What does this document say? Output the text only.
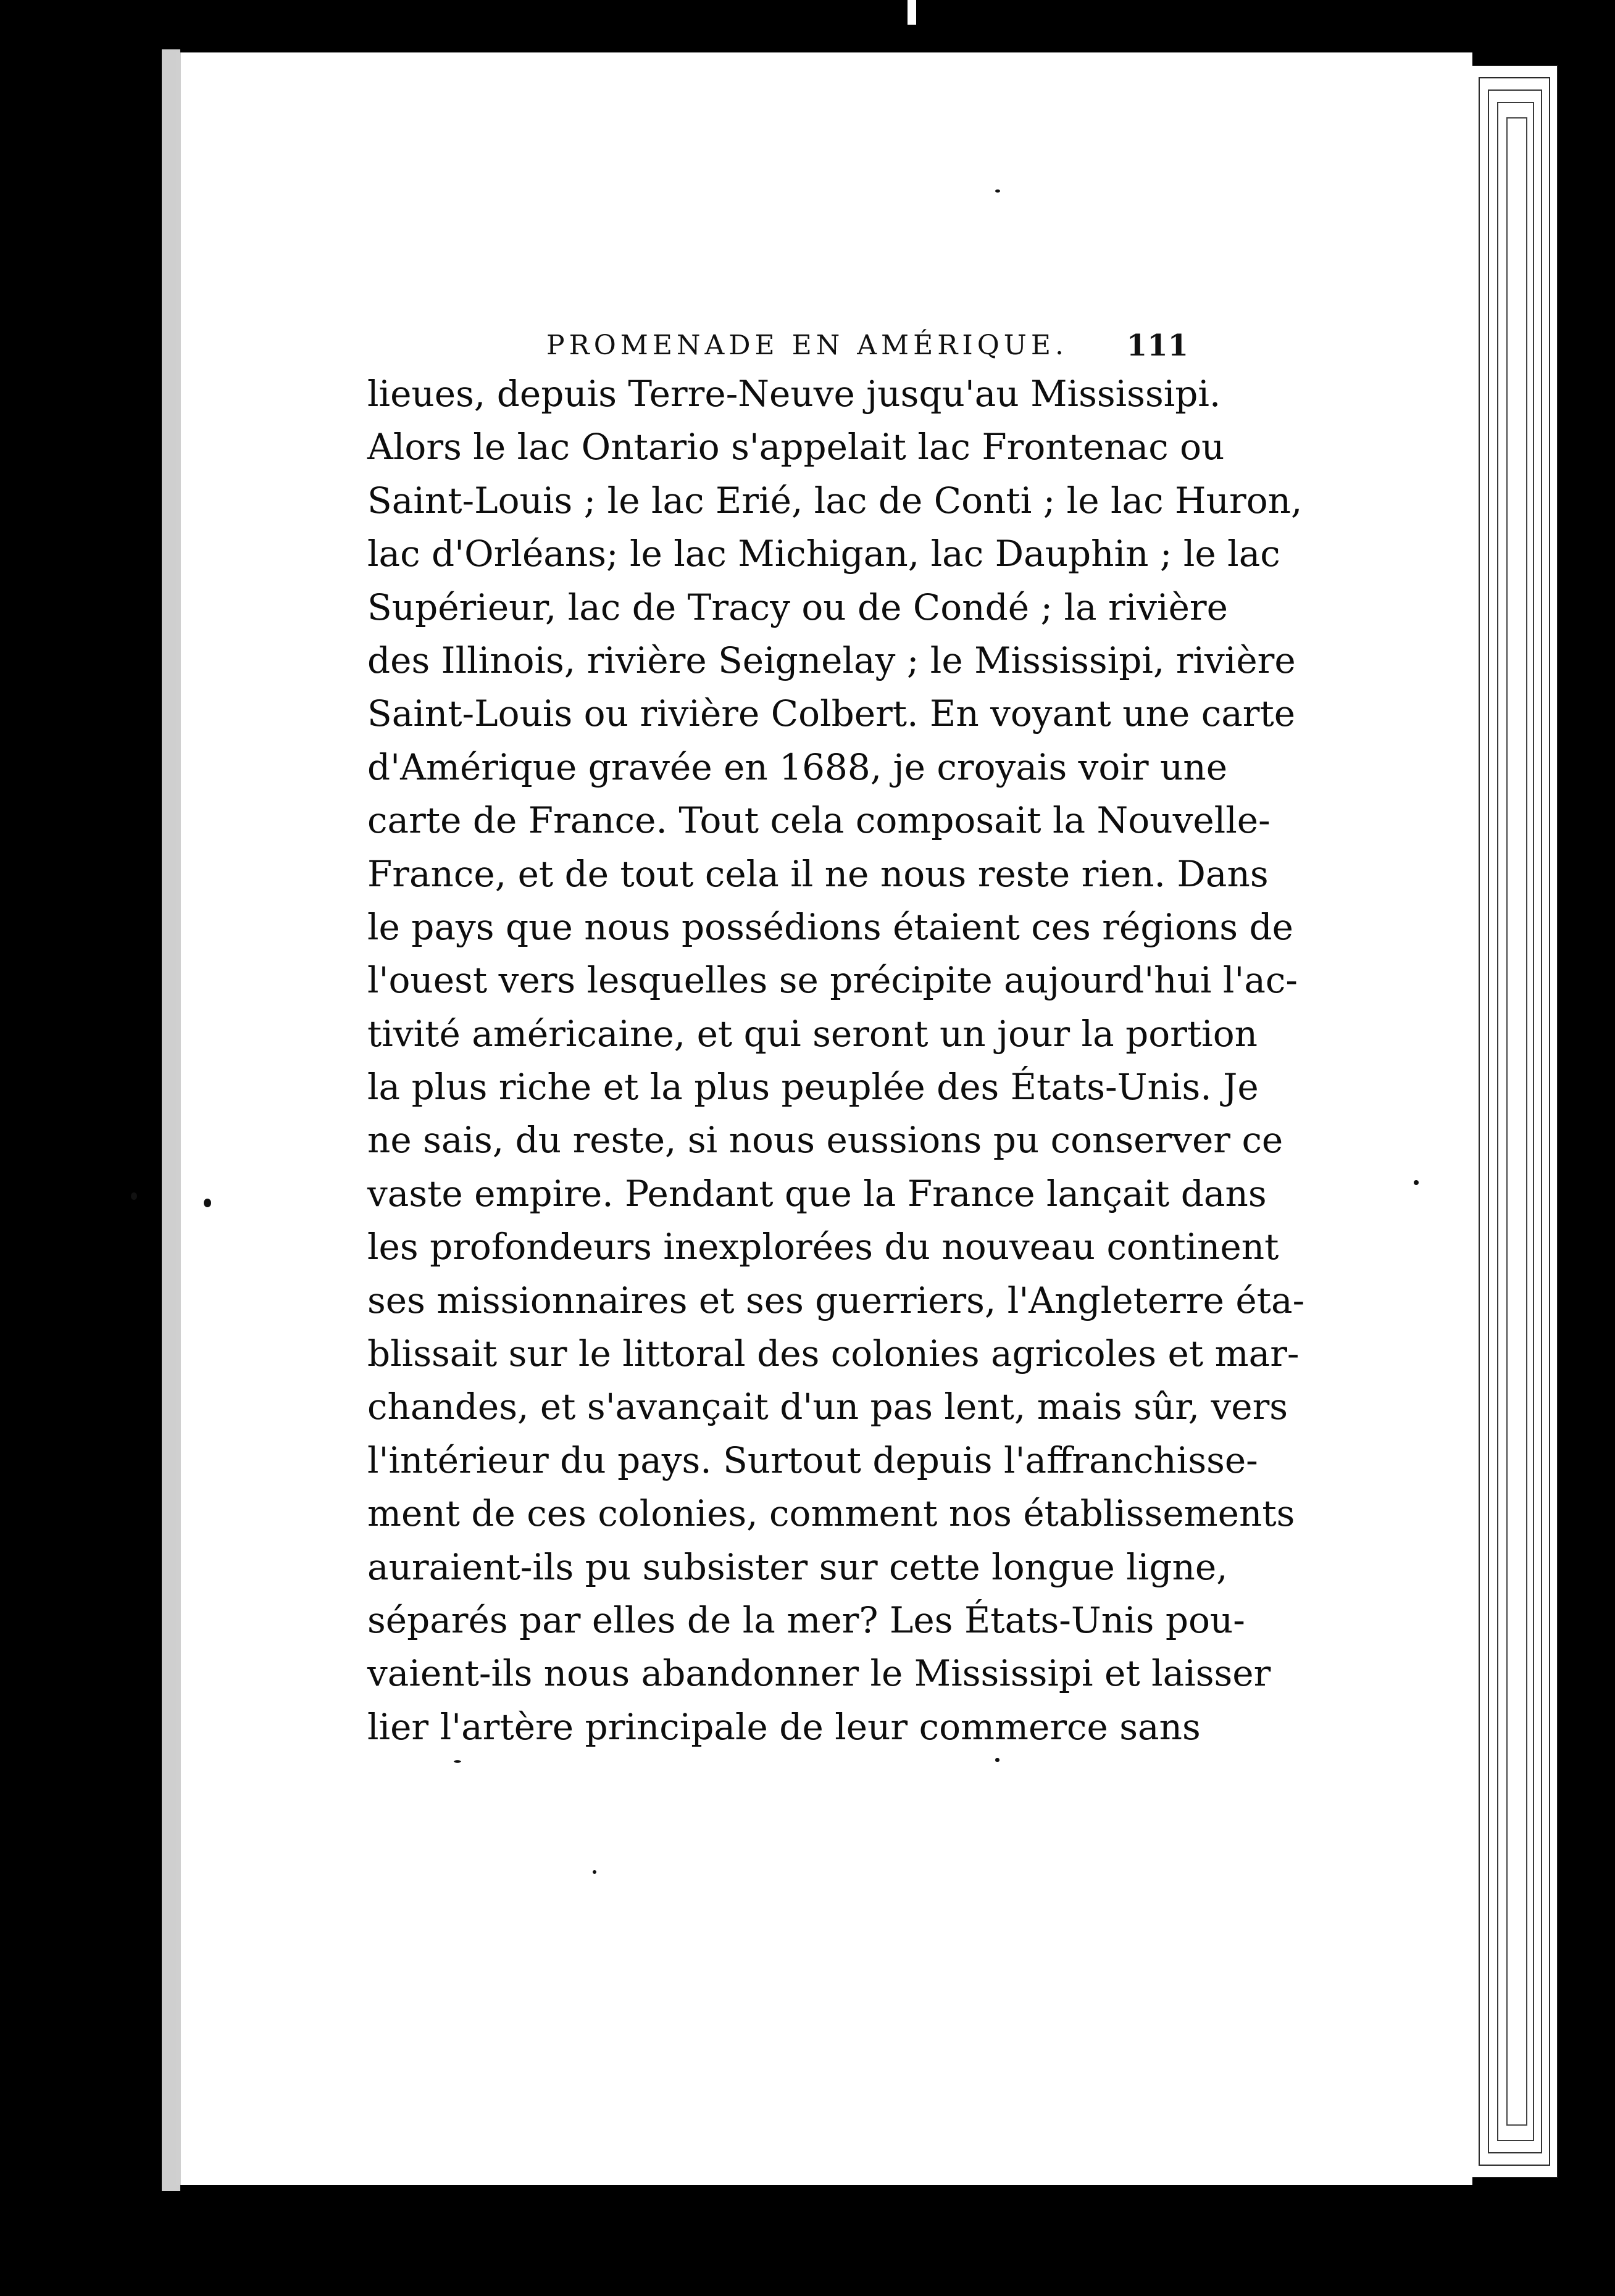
PROMENADE EN AMÉRIQUE. 111
lieues, depuis Terre-Neuve jusqu'au Mississipi.
Alors le lac Ontario s'appelait lac Frontenac ou
Saint-Louis ; le lac Erié, lac de Conti ; le lac Huron,
lac d'Orléans; le lac Michigan, lac Dauphin ; le lac
Supérieur, lac de Tracy ou de Condé ; la rivière
des Illinois, rivière Seignelay ; le Mississipi, rivière
Saint-Louis ou rivière Colbert. En voyant une carte
d'Amérique gravée en 1688, je croyais voir une
carte de France. Tout cela composait la Nouvelle-
France, et de tout cela il ne nous reste rien. Dans
le pays que nous possédions étaient ces régions de
l'ouest vers lesquelles se précipite aujourd'hui l'ac-
tivité américaine, et qui seront un jour la portion
la plus riche et la plus peuplée des États-Unis. Je
ne sais, du reste, si nous eussions pu conserver ce
vaste empire. Pendant que la France lançait dans
les profondeurs inexplorées du nouveau continent
ses missionnaires et ses guerriers, l'Angleterre éta-
blissait sur le littoral des colonies agricoles et mar-
chandes, et s'avançait d'un pas lent, mais sûr, vers
l'intérieur du pays. Surtout depuis l'affranchisse-
ment de ces colonies, comment nos établissements
auraient-ils pu subsister sur cette longue ligne,
séparés par elles de la mer? Les États-Unis pou-
vaient-ils nous abandonner le Mississipi et laisser
lier l'artère principale de leur commerce sans
